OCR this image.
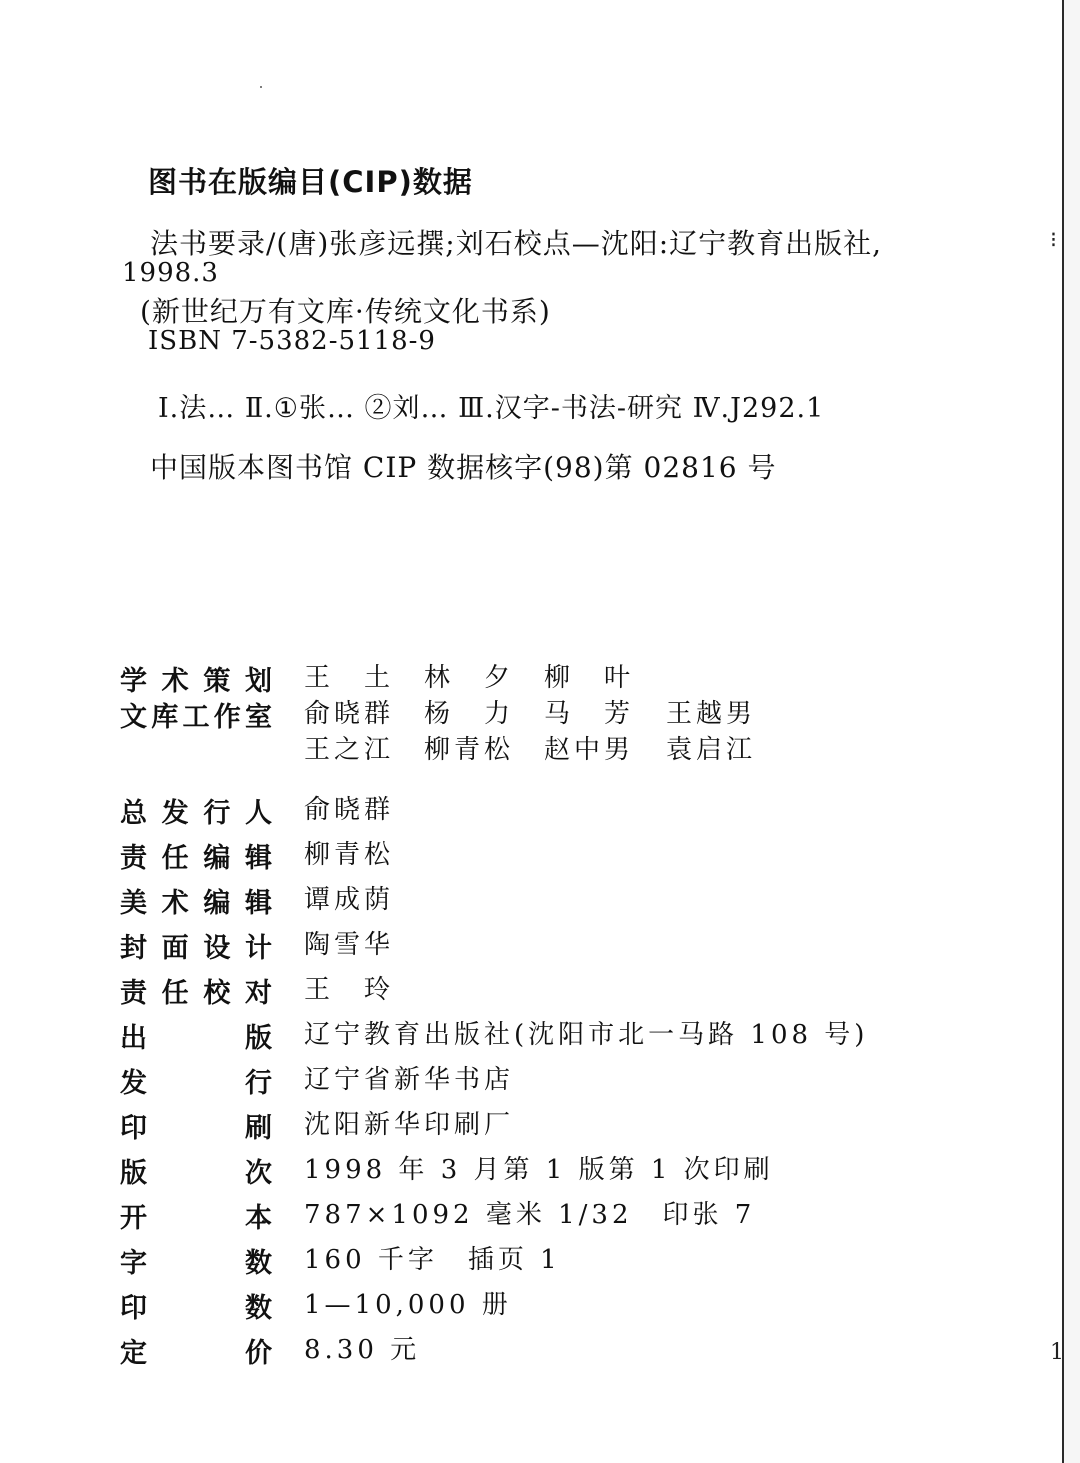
⁝
1
图书在版编目(CIP)数据
法书要录/(唐)张彦远撰;刘石校点—沈阳:辽宁教育出版社,
1998.3
(新世纪万有文库·传统文化书系)
ISBN 7-5382-5118-9
Ⅰ.法… Ⅱ.①张… ②刘… Ⅲ.汉字-书法-研究 Ⅳ.J292.1
中国版本图书馆 CIP 数据核字(98)第 02816 号
学 术 策 划 王　土 林　夕 柳　叶
文 库 工 作 室 俞晓群 杨　力 马　芳 王越男
王之江 柳青松 赵中男 袁启江
总 发 行 人 俞晓群
责 任 编 辑 柳青松
美 术 编 辑 谭成荫
封 面 设 计 陶雪华
责 任 校 对 王　玲
出	版 辽宁教育出版社(沈阳市北一马路 108 号)
发	行 辽宁省新华书店
印	刷 沈阳新华印刷厂
版	次 1998 年 3 月第 1 版第 1 次印刷
开	本 787×1092 毫米 1/32　印张 7
字	数 160 千字　插页 1
印	数 1—10,000 册
定	价 8.30 元
